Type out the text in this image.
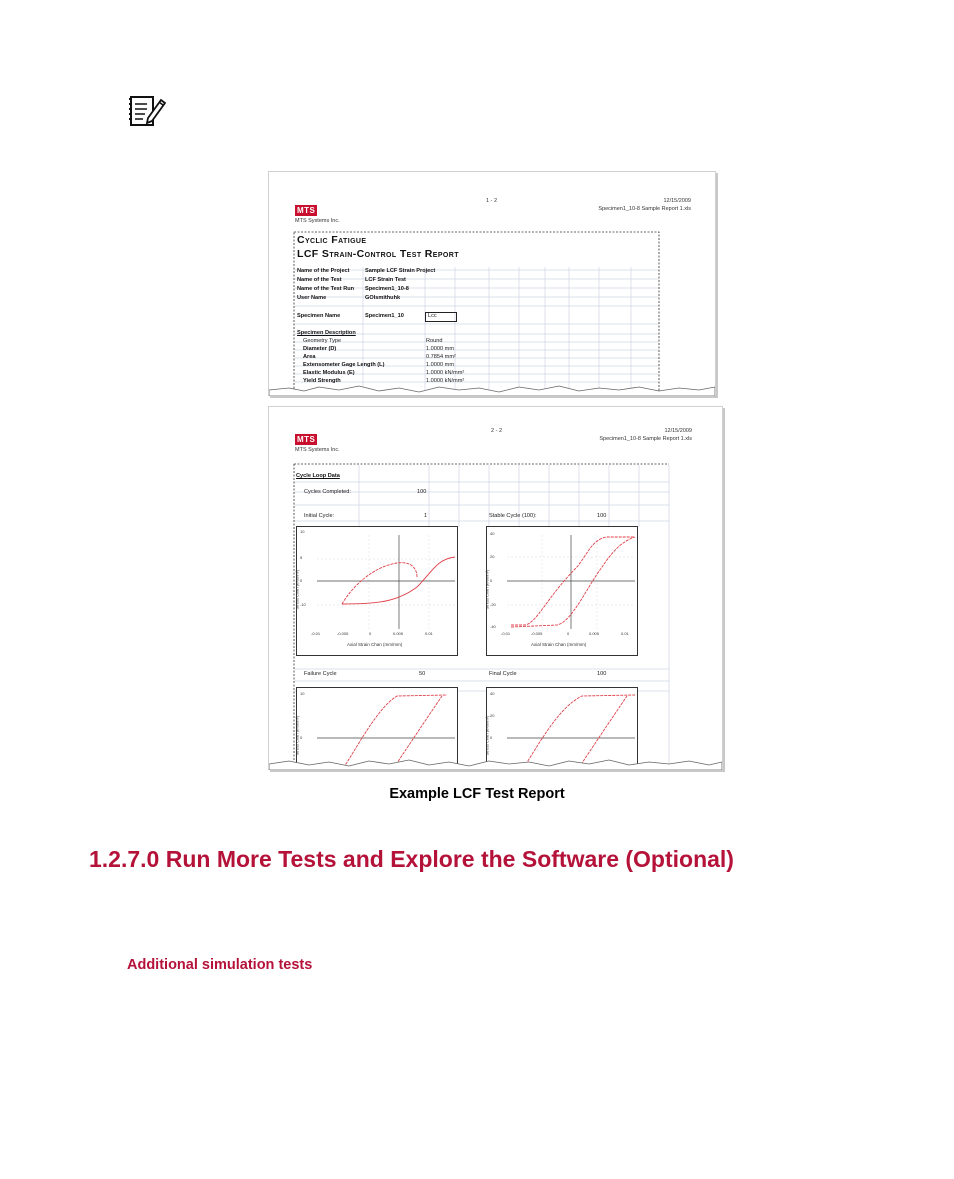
MTS
MTS Systems Inc.
1 - 2	12/15/2009
Specimen1_10-8 Sample Report 1.xls
Cyclic Fatigue
LCF Strain-Control Test Report
Name of the Project	Sample LCF Strain Project
Name of the Test	LCF Strain Test
Name of the Test Run Specimen1_10-8
User Name	GOIsmithuhk
Specimen Name	Specimen1_10	Lcc
Specimen Description
Geometry Type	Round
Diameter (D)	1.0000 mm
Area	0.7854 mm²
Extensometer Gage Length (L)	1.0000 mm
Elastic Modulus (E)	1.0000 kN/mm²
Yield Strength	1.0000 kN/mm²
MTS
MTS Systems Inc.
2 - 2	12/15/2009
Specimen1_10-8 Sample Report 1.xls
Cycle Loop Data
Cycles Completed:	100
Initial Cycle:	1	Stable Cycle (100):	100
10
5
0
-10
-0.01	-0.005	0	0.005	0.01
Axial Strain Chan (mm/mm)
Stress Chan (kN/mm²)
40
20
0
-20
-40
-0.01	-0.005	0	0.005	0.01
Axial Strain Chan (mm/mm)
Stress Chan (kN/mm²)
Failure Cycle	50	Final Cycle	100
10
0
Stress Chan (kN/mm²)
40
20
0
Stress Chan (kN/mm²)
Example LCF Test Report
1.2.7.0 Run More Tests and Explore the Software (Optional)
Additional simulation tests
